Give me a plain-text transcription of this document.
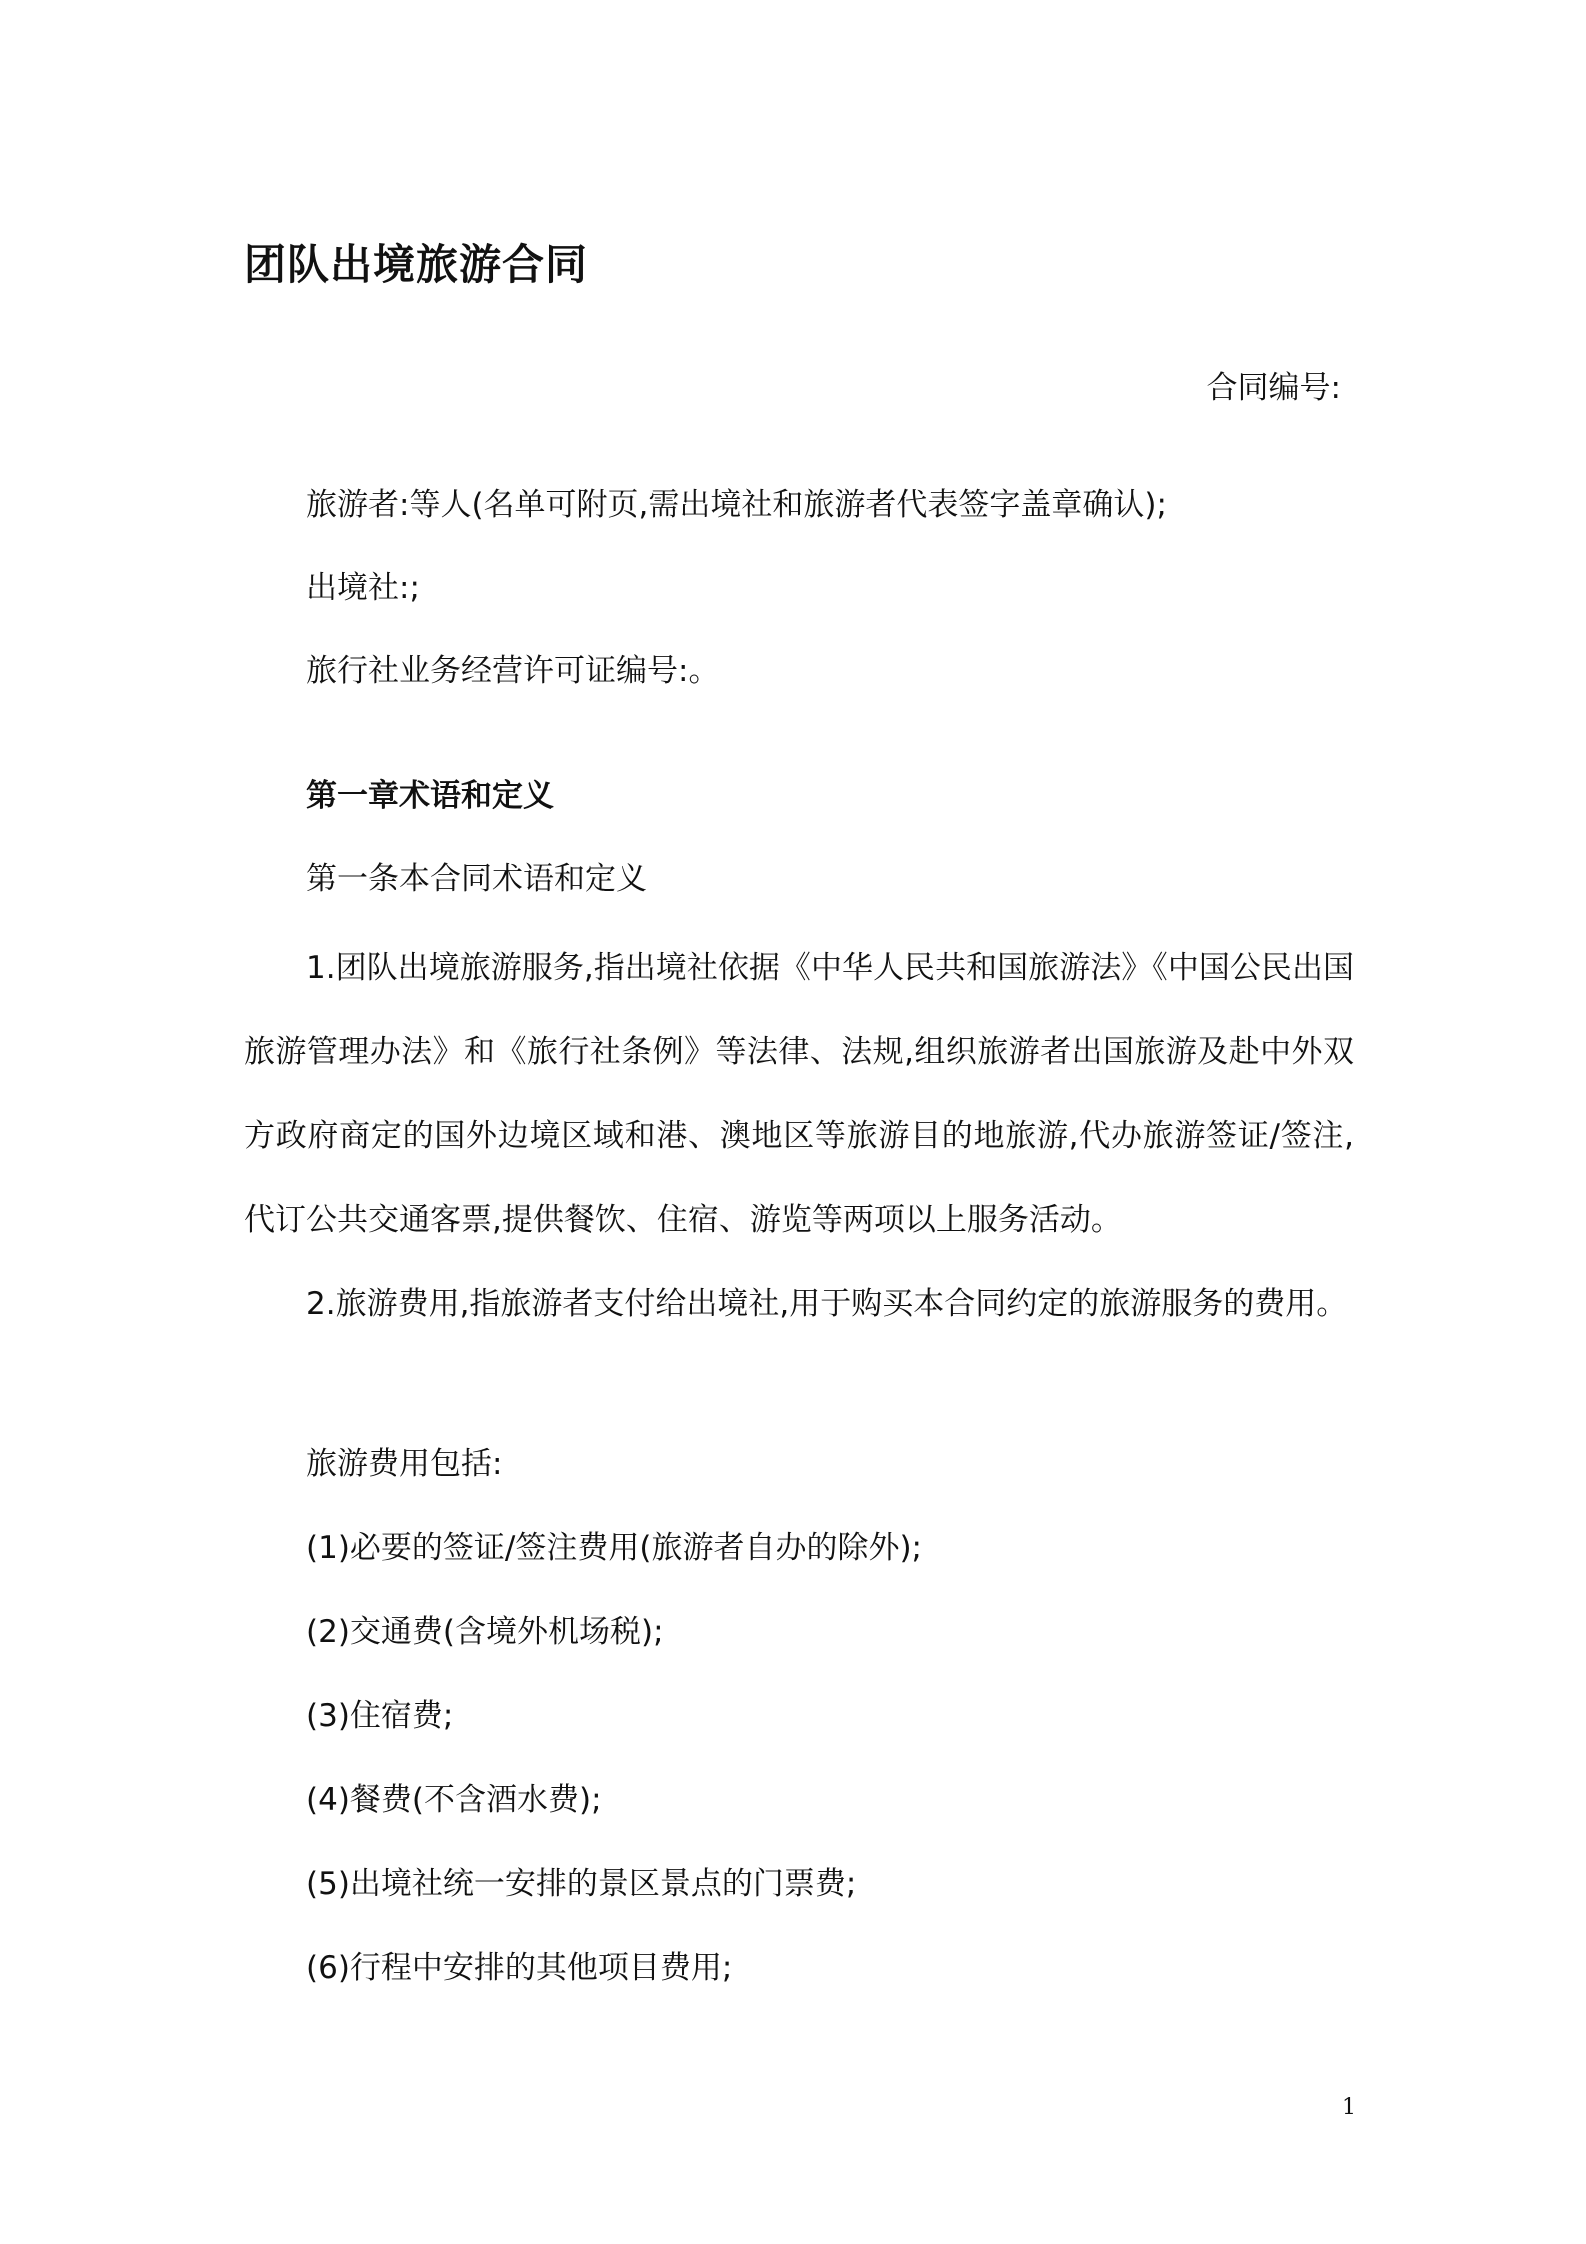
团队出境旅游合同
合同编号:
旅游者:等人(名单可附页,需出境社和旅游者代表签字盖章确认);
出境社:;
旅行社业务经营许可证编号:。
第一章术语和定义
第一条本合同术语和定义
1.团队出境旅游服务,指出境社依据《中华人民共和国旅游法》《中国公民出国旅游管理办法》和《旅行社条例》等法律、法规,组织旅游者出国旅游及赴中外双方政府商定的国外边境区域和港、澳地区等旅游目的地旅游,代办旅游签证/签注,代订公共交通客票,提供餐饮、住宿、游览等两项以上服务活动。
2.旅游费用,指旅游者支付给出境社,用于购买本合同约定的旅游服务的费用。
旅游费用包括:
(1)必要的签证/签注费用(旅游者自办的除外);
(2)交通费(含境外机场税);
(3)住宿费;
(4)餐费(不含酒水费);
(5)出境社统一安排的景区景点的门票费;
(6)行程中安排的其他项目费用;
1
